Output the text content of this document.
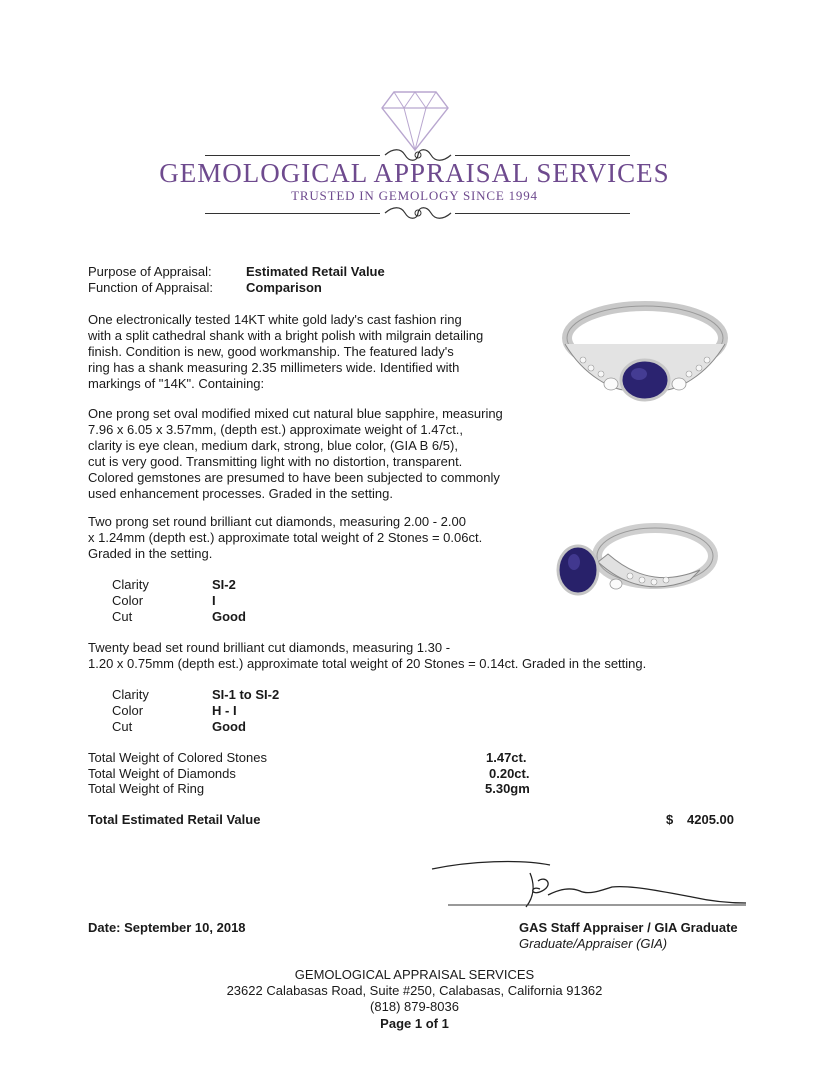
GEMOLOGICAL APPRAISAL SERVICES
TRUSTED IN GEMOLOGY SINCE 1994
Purpose of Appraisal:	Estimated Retail Value
Function of Appraisal:	Comparison
One electronically tested 14KT white gold lady's cast fashion ring
with a split cathedral shank with a bright polish with milgrain detailing
finish. Condition is new, good workmanship. The featured lady's
ring has a shank measuring 2.35 millimeters wide. Identified with
markings of "14K". Containing:
One prong set oval modified mixed cut natural blue sapphire, measuring
7.96 x 6.05 x 3.57mm, (depth est.) approximate weight of 1.47ct.,
clarity is eye clean, medium dark, strong, blue color, (GIA B 6/5),
cut is very good. Transmitting light with no distortion, transparent.
Colored gemstones are presumed to have been subjected to commonly
used enhancement processes. Graded in the setting.
Two prong set round brilliant cut diamonds, measuring 2.00 - 2.00
x 1.24mm (depth est.) approximate total weight of 2 Stones = 0.06ct.
Graded in the setting.
Clarity	SI-2
Color	I
Cut	Good
Twenty bead set round brilliant cut diamonds, measuring 1.30 -
1.20 x 0.75mm (depth est.) approximate total weight of 20 Stones = 0.14ct. Graded in the setting.
Clarity	SI-1 to SI-2
Color	H - I
Cut	Good
Total Weight of Colored Stones	1.47ct.
Total Weight of Diamonds	0.20ct.
Total Weight of Ring	5.30gm
Total Estimated Retail Value	$ 4205.00
Date: September 10, 2018	GAS Staff Appraiser / GIA Graduate
Graduate/Appraiser (GIA)
GEMOLOGICAL APPRAISAL SERVICES
23622 Calabasas Road, Suite #250, Calabasas, California 91362
(818) 879-8036
Page 1 of 1
